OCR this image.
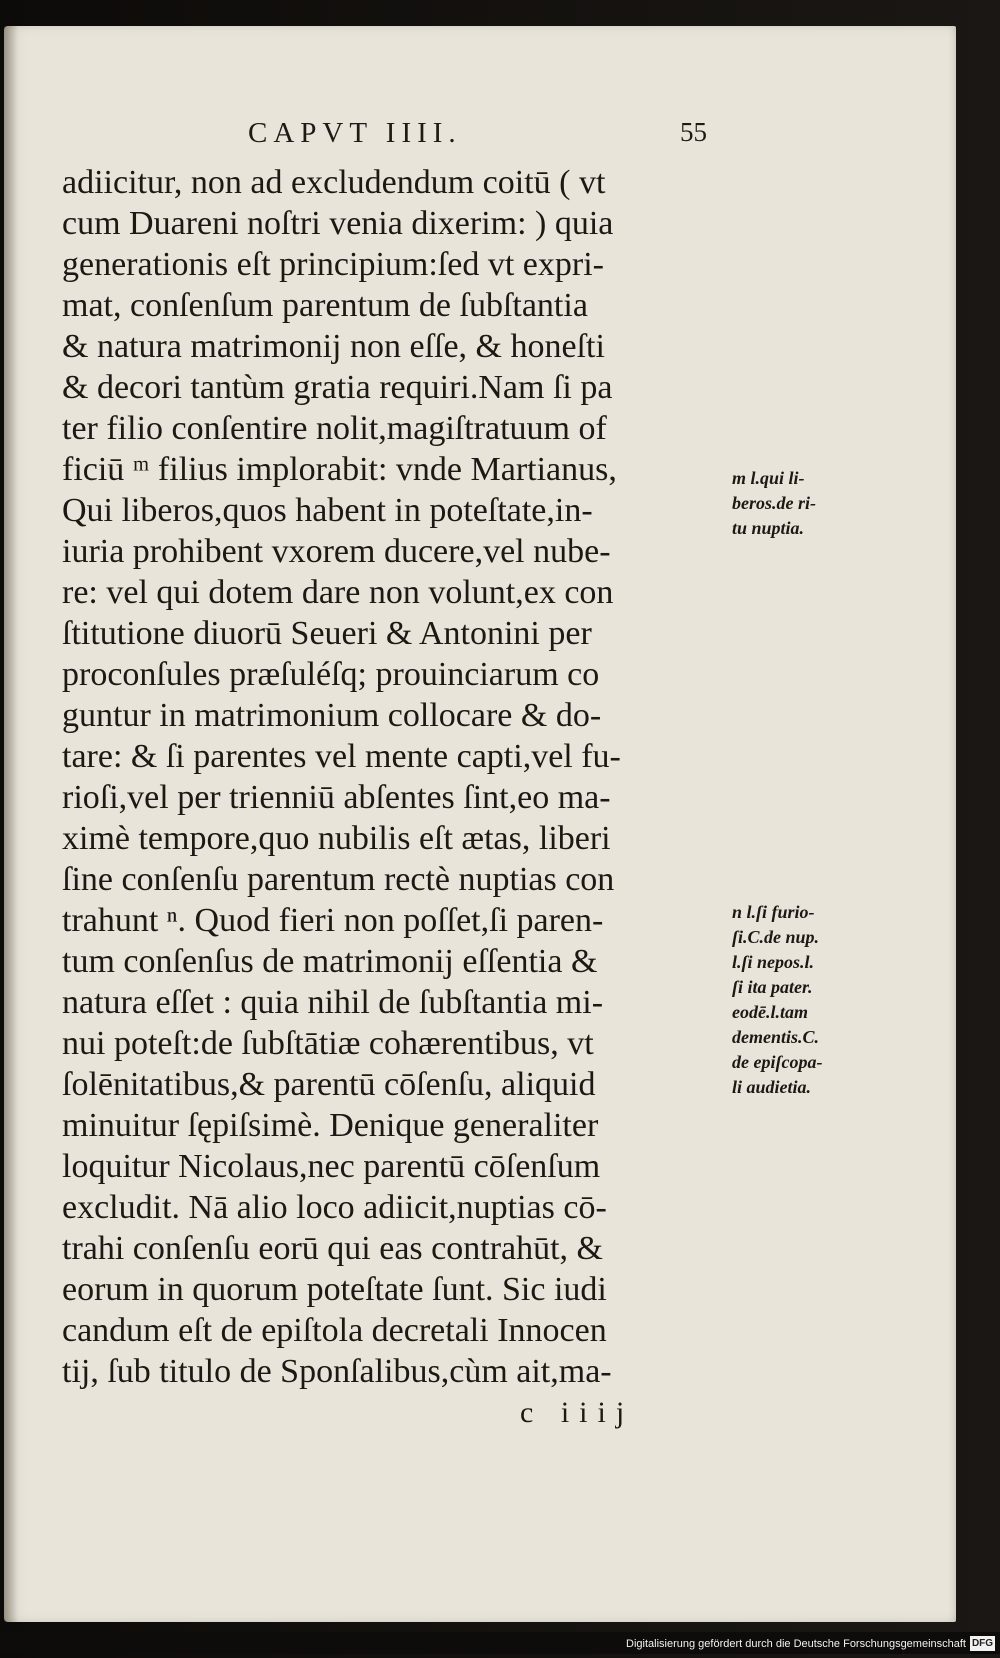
CAPVT IIII.	55
adiicitur, non ad excludendum coitū ( vt
cum Duareni noſtri venia dixerim: ) quia
generationis eſt principium:ſed vt expri-
mat, conſenſum parentum de ſubſtantia
& natura matrimonij non eſſe, & honeſti
& decori tantùm gratia requiri.Nam ſi pa
ter filio conſentire nolit,magiſtratuum of
ficiū ᵐ filius implorabit: vnde Martianus,
Qui liberos,quos habent in poteſtate,in-
iuria prohibent vxorem ducere,vel nube-
re: vel qui dotem dare non volunt,ex con
ſtitutione diuorū Seueri & Antonini per
proconſules præſuléſq; prouinciarum co
guntur in matrimonium collocare & do-
tare: & ſi parentes vel mente capti,vel fu-
rioſi,vel per trienniū abſentes ſint,eo ma-
ximè tempore,quo nubilis eſt ætas, liberi
ſine conſenſu parentum rectè nuptias con
trahunt ⁿ. Quod fieri non poſſet,ſi paren-
tum conſenſus de matrimonij eſſentia &
natura eſſet : quia nihil de ſubſtantia mi-
nui poteſt:de ſubſtātiæ cohærentibus, vt
ſolēnitatibus,& parentū cōſenſu, aliquid
minuitur ſępiſsimè. Denique generaliter
loquitur Nicolaus,nec parentū cōſenſum
excludit. Nā alio loco adiicit,nuptias cō-
trahi conſenſu eorū qui eas contrahūt, &
eorum in quorum poteſtate ſunt. Sic iudi
candum eſt de epiſtola decretali Innocen
tij, ſub titulo de Sponſalibus,cùm ait,ma-
m l.qui li-
beros.de ri-
tu nuptia.
n l.ſi furio-
ſi.C.de nup.
l.ſi nepos.l.
ſi ita pater.
eodē.l.tam
dementis.C.
de epiſcopa-
li audietia.
c iiij
Digitalisierung gefördert durch die Deutsche Forschungsgemeinschaft DFG
